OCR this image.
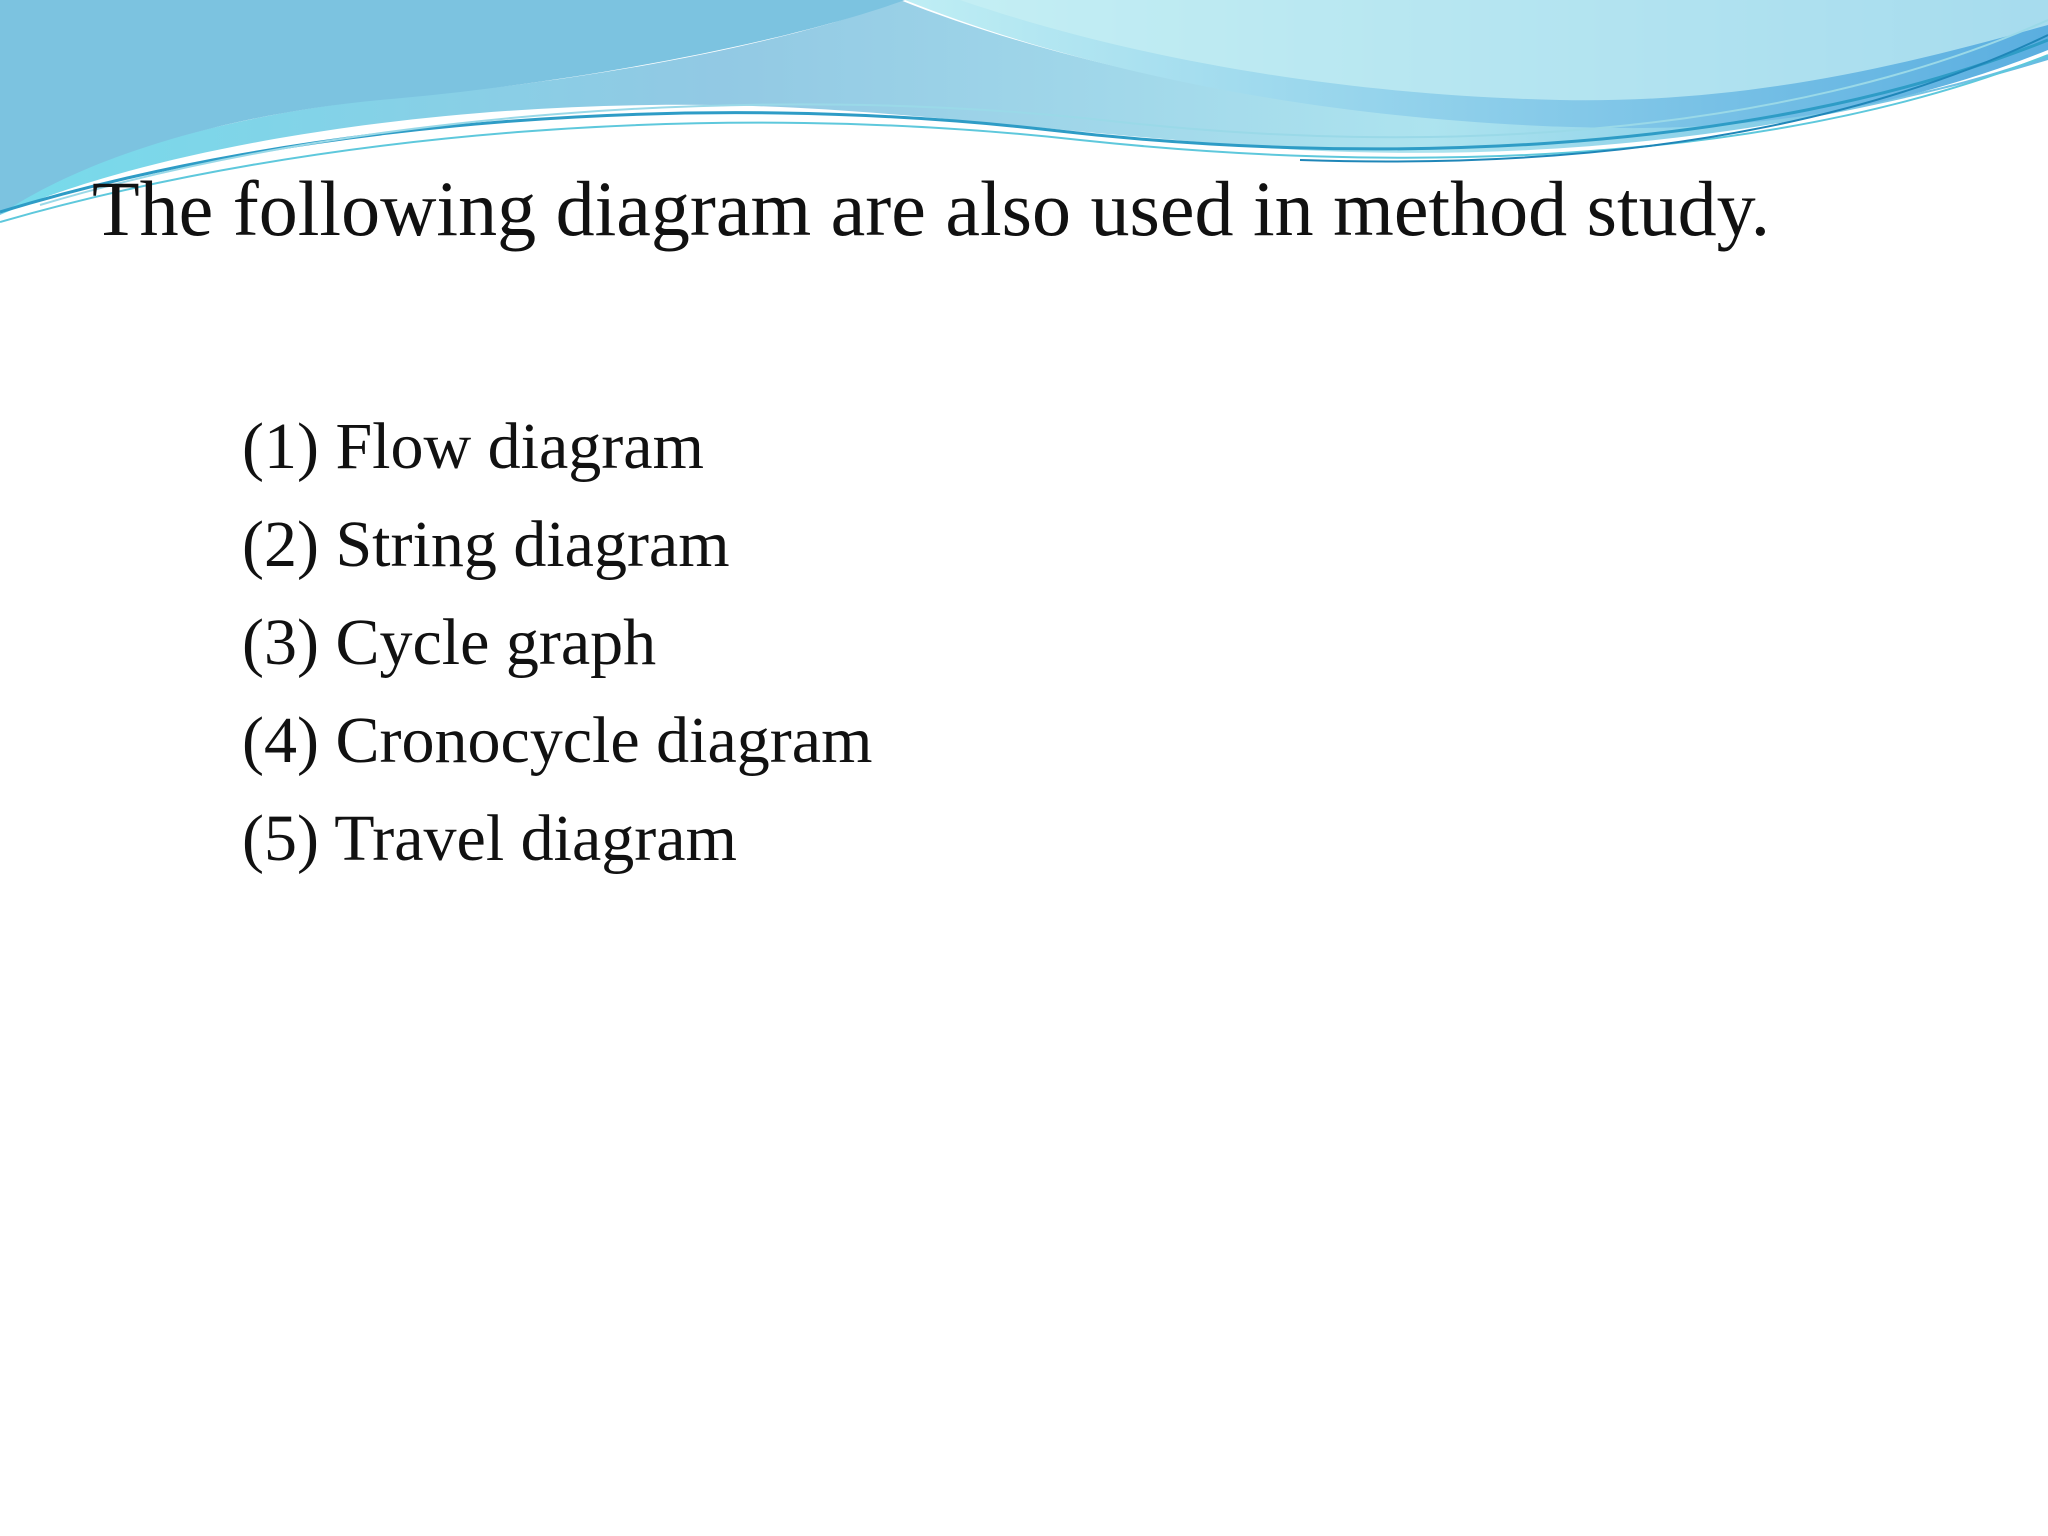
The following diagram are also used in method study.
(1) Flow diagram
(2) String diagram
(3) Cycle graph
(4) Cronocycle diagram
(5) Travel diagram
